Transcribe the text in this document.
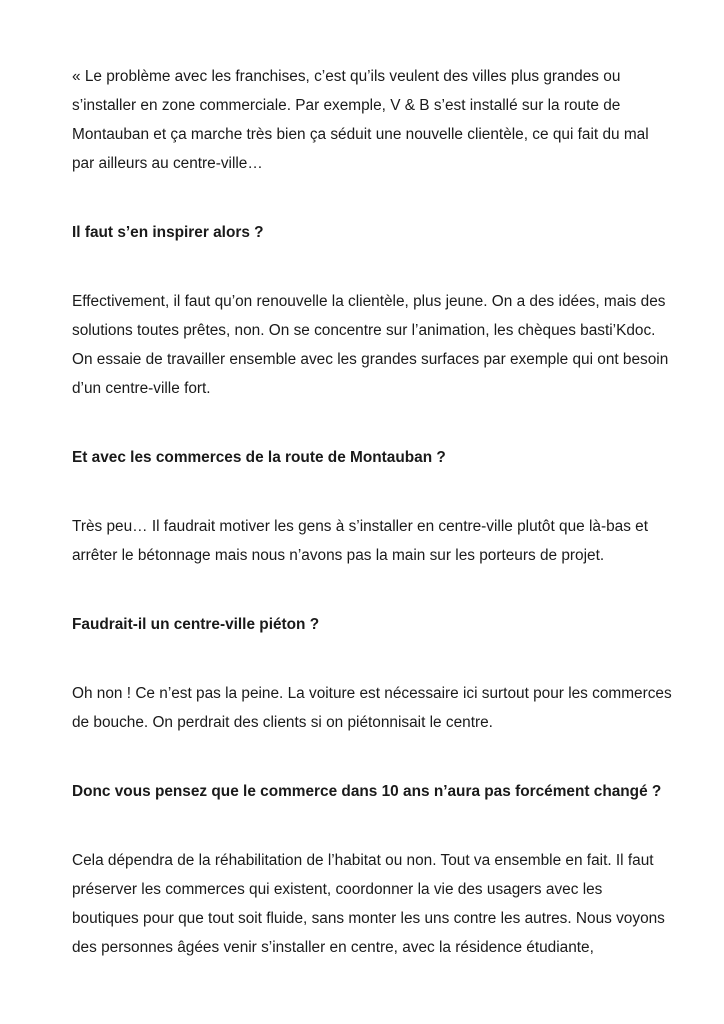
« Le problème avec les franchises, c’est qu’ils veulent des villes plus grandes ou s’installer en zone commerciale. Par exemple, V & B s’est installé sur la route de Montauban et ça marche très bien ça séduit une nouvelle clientèle, ce qui fait du mal par ailleurs au centre-ville…

Il faut s’en inspirer alors ?

Effectivement, il faut qu’on renouvelle la clientèle, plus jeune. On a des idées, mais des solutions toutes prêtes, non. On se concentre sur l’animation, les chèques basti’Kdoc. On essaie de travailler ensemble avec les grandes surfaces par exemple qui ont besoin d’un centre-ville fort.

Et avec les commerces de la route de Montauban ?

Très peu… Il faudrait motiver les gens à s’installer en centre-ville plutôt que là-bas et arrêter le bétonnage mais nous n’avons pas la main sur les porteurs de projet.

Faudrait-il un centre-ville piéton ?

Oh non ! Ce n’est pas la peine. La voiture est nécessaire ici surtout pour les commerces de bouche. On perdrait des clients si on piétonnisait le centre.

Donc vous pensez que le commerce dans 10 ans n’aura pas forcément changé ?

Cela dépendra de la réhabilitation de l’habitat ou non. Tout va ensemble en fait. Il faut préserver les commerces qui existent, coordonner la vie des usagers avec les boutiques pour que tout soit fluide, sans monter les uns contre les autres. Nous voyons des personnes âgées venir s’installer en centre, avec la résidence étudiante,
